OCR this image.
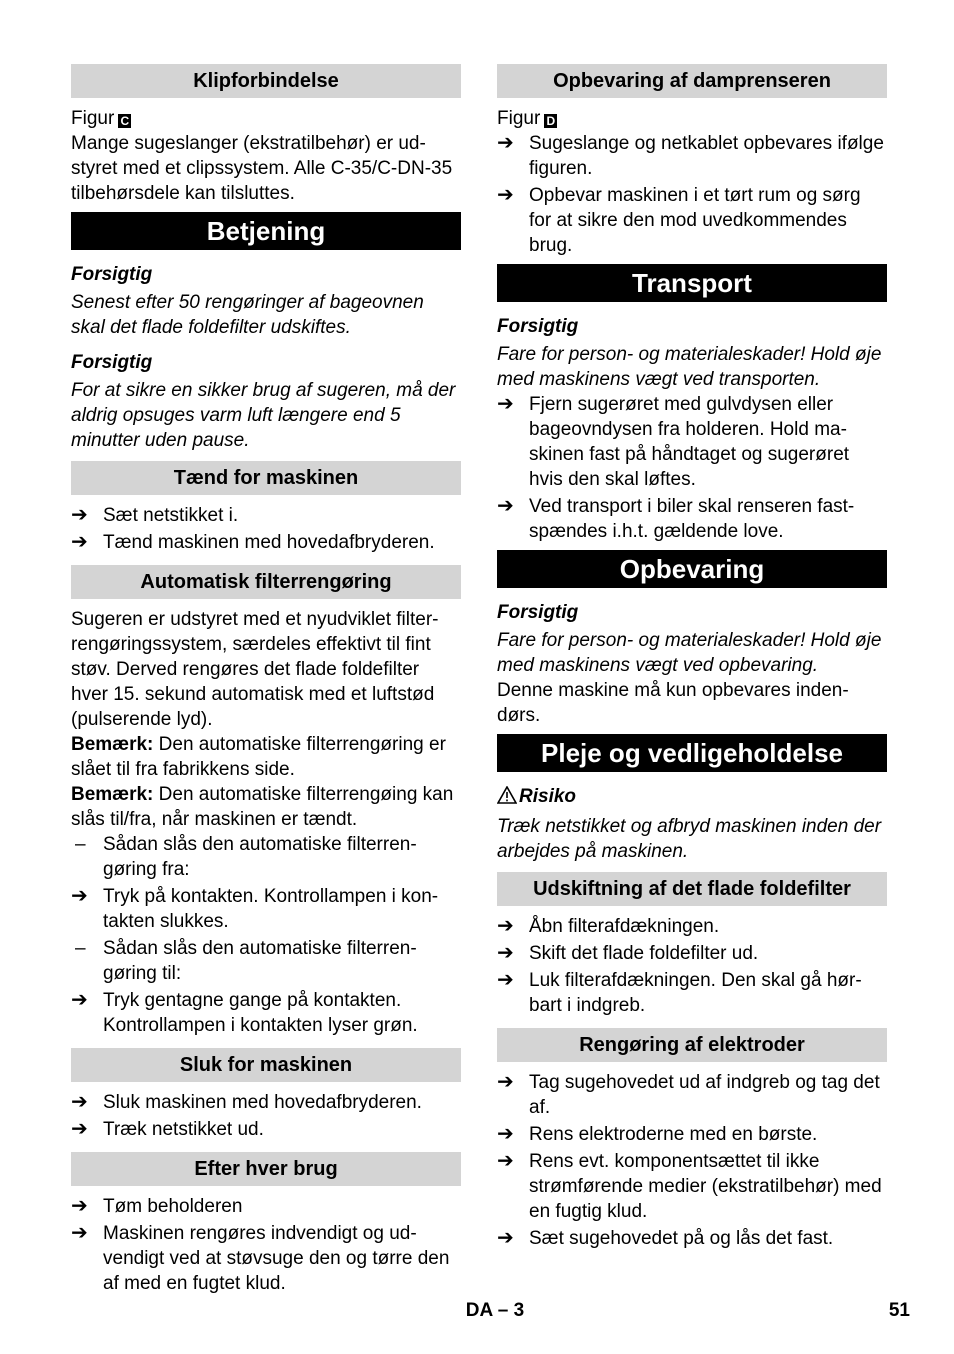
Klipforbindelse

Figur C

Mange sugeslanger (ekstratilbehør) er ud-styret med et clipssystem. Alle C-35/C-DN-35 tilbehørsdele kan tilsluttes.

Betjening

Forsigtig

Senest efter 50 rengøringer af bageovnen skal det flade foldefilter udskiftes.

Forsigtig

For at sikre en sikker brug af sugeren, må der aldrig opsuges varm luft længere end 5 minutter uden pause.

Tænd for maskinen
➔ Sæt netstikket i.
➔ Tænd maskinen med hovedafbryderen.
Automatisk filterrengøring

Sugeren er udstyret med et nyudviklet filter-rengøringssystem, særdeles effektivt til fint støv. Derved rengøres det flade foldefilter hver 15. sekund automatisk med et luftstød (pulserende lyd).

Bemærk: Den automatiske filterrengøring er slået til fra fabrikkens side.

Bemærk: Den automatiske filterrengøing kan slås til/fra, når maskinen er tændt.

– Sådan slås den automatiske filterren-gøring fra:
➔ Tryk på kontakten. Kontrollampen i kon-takten slukkes.
– Sådan slås den automatiske filterren-gøring til:
➔ Tryk gentagne gange på kontakten. Kontrollampen i kontakten lyser grøn.
Sluk for maskinen
➔ Sluk maskinen med hovedafbryderen.
➔ Træk netstikket ud.
Efter hver brug
➔ Tøm beholderen
➔ Maskinen rengøres indvendigt og ud-vendigt ved at støvsuge den og tørre den af med en fugtet klud.
Opbevaring af damprenseren

Figur D

➔ Sugeslange og netkablet opbevares ifølge figuren.
➔ Opbevar maskinen i et tørt rum og sørg for at sikre den mod uvedkommendes brug.
Transport

Forsigtig

Fare for person- og materialeskader! Hold øje med maskinens vægt ved transporten.

➔ Fjern sugerøret med gulvdysen eller bageovndysen fra holderen. Hold ma-skinen fast på håndtaget og sugerøret hvis den skal løftes.
➔ Ved transport i biler skal renseren fast-spændes i.h.t. gældende love.
Opbevaring

Forsigtig

Fare for person- og materialeskader! Hold øje med maskinens vægt ved opbevaring.

Denne maskine må kun opbevares inden-dørs.

Pleje og vedligeholdelse

Risiko

Træk netstikket og afbryd maskinen inden der arbejdes på maskinen.

Udskiftning af det flade foldefilter
➔ Åbn filterafdækningen.
➔ Skift det flade foldefilter ud.
➔ Luk filterafdækningen. Den skal gå hør-bart i indgreb.
Rengøring af elektroder
➔ Tag sugehovedet ud af indgreb og tag det af.
➔ Rens elektroderne med en børste.
➔ Rens evt. komponentsættet til ikke strømførende medier (ekstratilbehør) med en fugtig klud.
➔ Sæt sugehovedet på og lås det fast.
DA – 3	51
